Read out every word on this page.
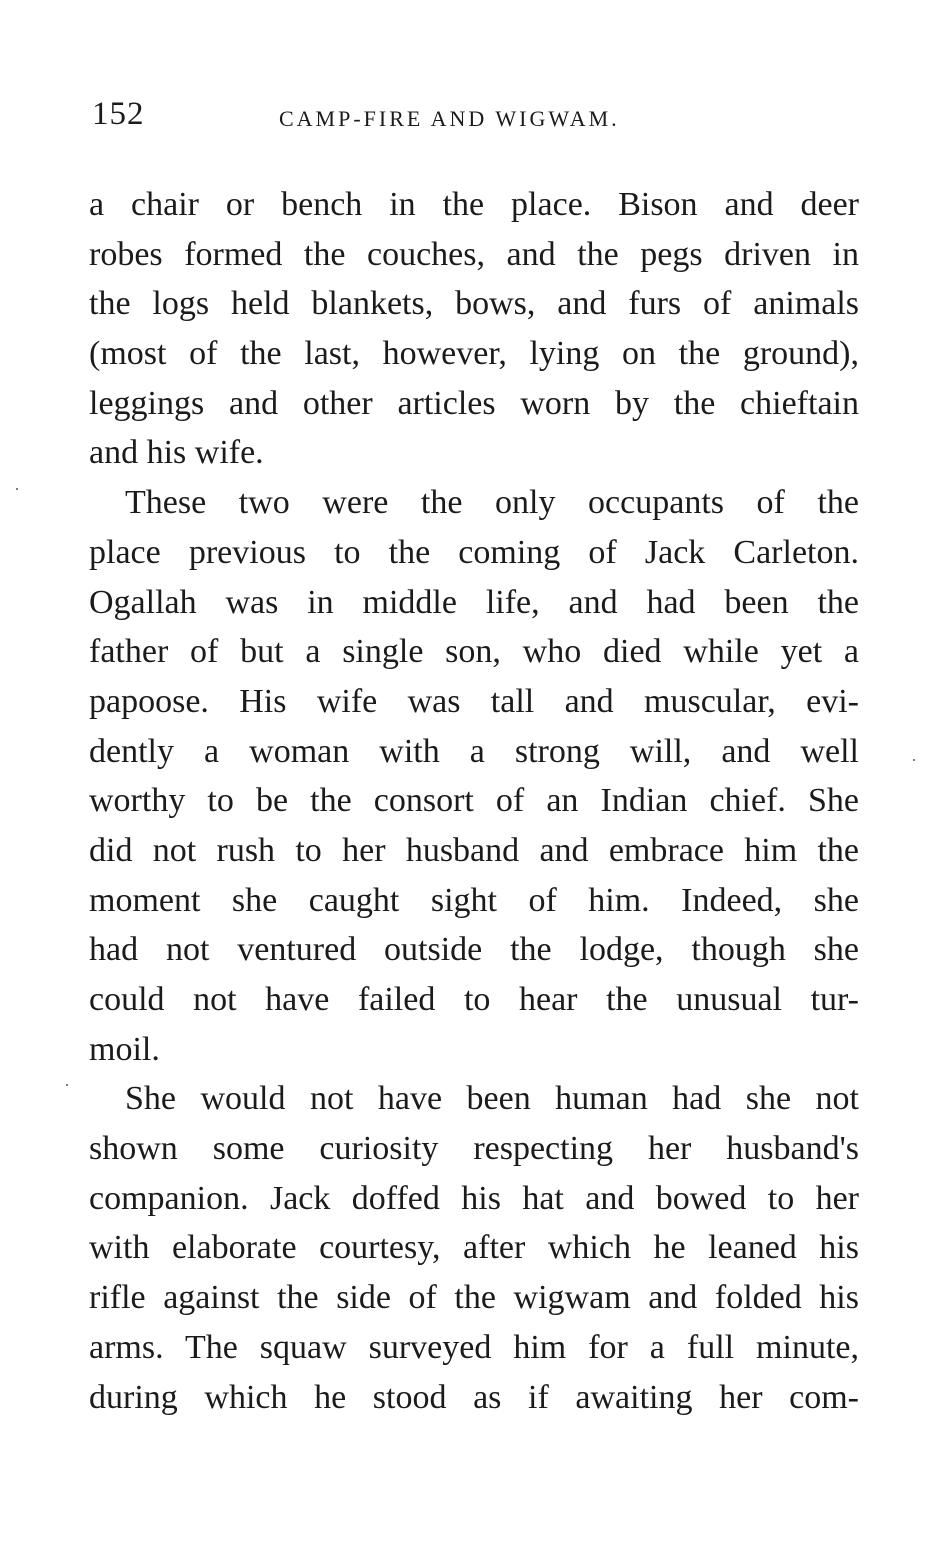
152	CAMP-FIRE AND WIGWAM.

a chair or bench in the place. Bison and deer
robes formed the couches, and the pegs driven in
the logs held blankets, bows, and furs of animals
(most of the last, however, lying on the ground),
leggings and other articles worn by the chieftain
and his wife.

These two were the only occupants of the
place previous to the coming of Jack Carleton.
Ogallah was in middle life, and had been the
father of but a single son, who died while yet a
papoose. His wife was tall and muscular, evi-
dently a woman with a strong will, and well
worthy to be the consort of an Indian chief. She
did not rush to her husband and embrace him the
moment she caught sight of him. Indeed, she
had not ventured outside the lodge, though she
could not have failed to hear the unusual tur-
moil.

She would not have been human had she not
shown some curiosity respecting her husband's
companion. Jack doffed his hat and bowed to her
with elaborate courtesy, after which he leaned his
rifle against the side of the wigwam and folded his
arms. The squaw surveyed him for a full minute,
during which he stood as if awaiting her com-
